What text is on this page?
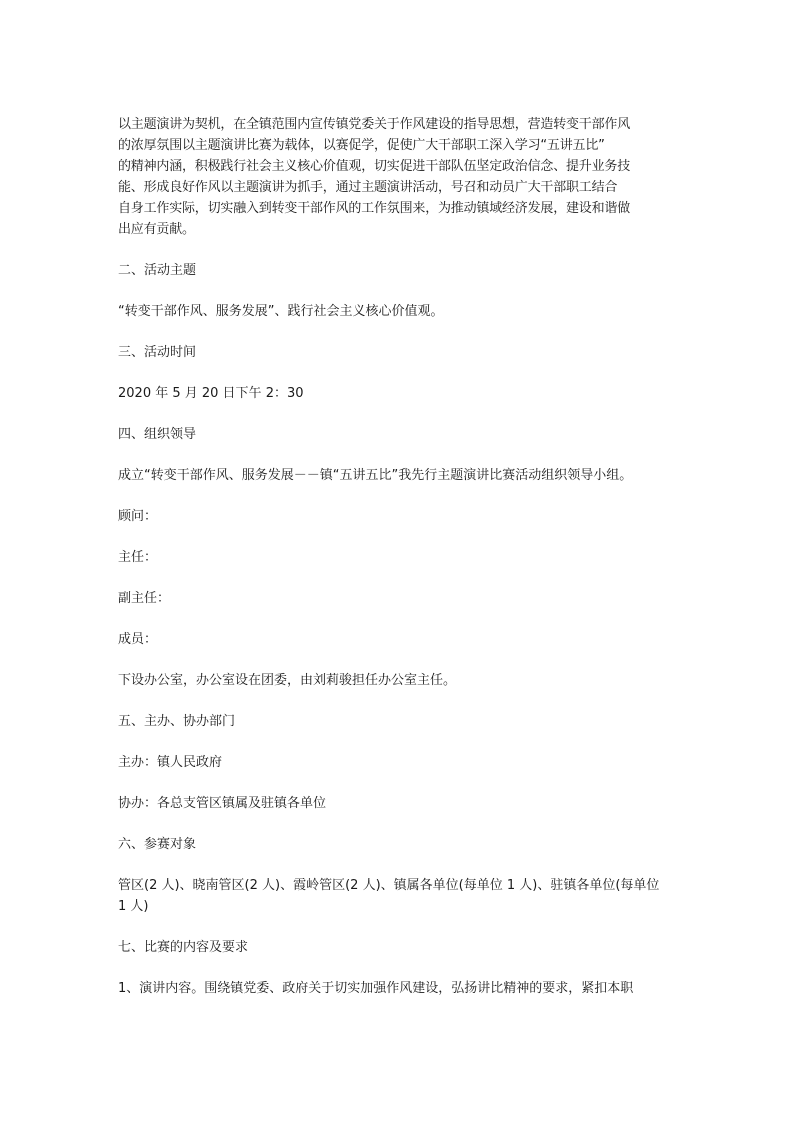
以主题演讲为契机，在全镇范围内宣传镇党委关于作风建设的指导思想，营造转变干部作风
的浓厚氛围以主题演讲比赛为载体，以赛促学，促使广大干部职工深入学习“五讲五比”
的精神内涵，积极践行社会主义核心价值观，切实促进干部队伍坚定政治信念、提升业务技
能、形成良好作风以主题演讲为抓手，通过主题演讲活动，号召和动员广大干部职工结合
自身工作实际，切实融入到转变干部作风的工作氛围来，为推动镇域经济发展，建设和谐做
出应有贡献。

二、活动主题

“转变干部作风、服务发展”、践行社会主义核心价值观。

三、活动时间

2020 年 5 月 20 日下午 2：30

四、组织领导

成立“转变干部作风、服务发展－－镇“五讲五比”我先行主题演讲比赛活动组织领导小组。

顾问：

主任：

副主任：

成员：

下设办公室，办公室设在团委，由刘莉骏担任办公室主任。

五、主办、协办部门

主办：镇人民政府

协办：各总支管区镇属及驻镇各单位

六、参赛对象

管区(2 人)、晓南管区(2 人)、霞岭管区(2 人)、镇属各单位(每单位 1 人)、驻镇各单位(每单位
1 人)

七、比赛的内容及要求

1、演讲内容。围绕镇党委、政府关于切实加强作风建设，弘扬讲比精神的要求，紧扣本职
